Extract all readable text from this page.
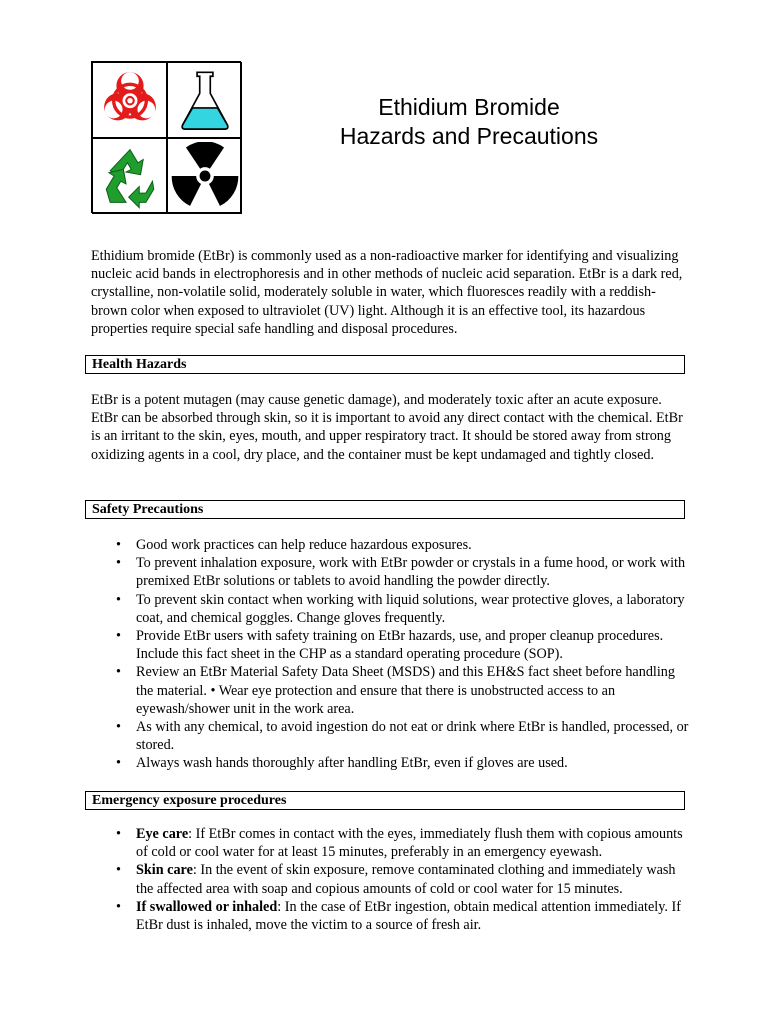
Ethidium Bromide
Hazards and Precautions

Ethidium bromide (EtBr) is commonly used as a non-radioactive marker for identifying and visualizing nucleic acid bands in electrophoresis and in other methods of nucleic acid separation. EtBr is a dark red, crystalline, non-volatile solid, moderately soluble in water, which fluoresces readily with a reddish-brown color when exposed to ultraviolet (UV) light. Although it is an effective tool, its hazardous properties require special safe handling and disposal procedures.

Health Hazards

EtBr is a potent mutagen (may cause genetic damage), and moderately toxic after an acute exposure. EtBr can be absorbed through skin, so it is important to avoid any direct contact with the chemical. EtBr is an irritant to the skin, eyes, mouth, and upper respiratory tract. It should be stored away from strong oxidizing agents in a cool, dry place, and the container must be kept undamaged and tightly closed.

Safety Precautions
• Good work practices can help reduce hazardous exposures.
• To prevent inhalation exposure, work with EtBr powder or crystals in a fume hood, or work with premixed EtBr solutions or tablets to avoid handling the powder directly.
• To prevent skin contact when working with liquid solutions, wear protective gloves, a laboratory coat, and chemical goggles. Change gloves frequently.
• Provide EtBr users with safety training on EtBr hazards, use, and proper cleanup procedures. Include this fact sheet in the CHP as a standard operating procedure (SOP).
• Review an EtBr Material Safety Data Sheet (MSDS) and this EH&S fact sheet before handling the material. • Wear eye protection and ensure that there is unobstructed access to an eyewash/shower unit in the work area.
• As with any chemical, to avoid ingestion do not eat or drink where EtBr is handled, processed, or stored.
• Always wash hands thoroughly after handling EtBr, even if gloves are used.
Emergency exposure procedures
• Eye care: If EtBr comes in contact with the eyes, immediately flush them with copious amounts of cold or cool water for at least 15 minutes, preferably in an emergency eyewash.
• Skin care: In the event of skin exposure, remove contaminated clothing and immediately wash the affected area with soap and copious amounts of cold or cool water for 15 minutes.
• If swallowed or inhaled: In the case of EtBr ingestion, obtain medical attention immediately. If EtBr dust is inhaled, move the victim to a source of fresh air.
